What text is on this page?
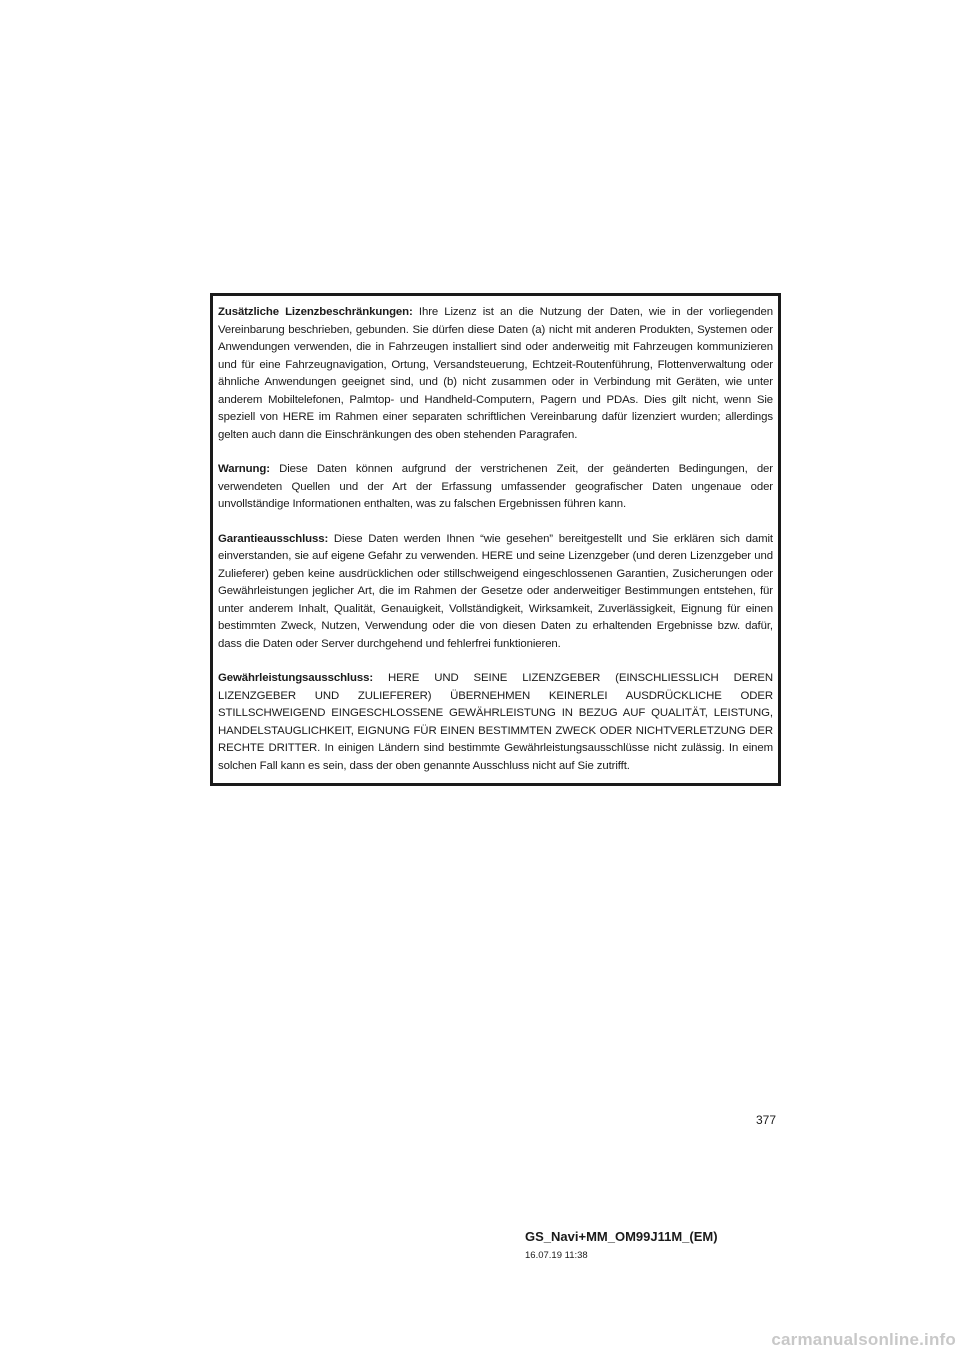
Zusätzliche Lizenzbeschränkungen: Ihre Lizenz ist an die Nutzung der Daten, wie in der vorliegenden Vereinbarung beschrieben, gebunden. Sie dürfen diese Daten (a) nicht mit anderen Produkten, Systemen oder Anwendungen verwenden, die in Fahrzeugen installiert sind oder anderweitig mit Fahrzeugen kommunizieren und für eine Fahrzeugnavigation, Ortung, Versandsteuerung, Echtzeit-Routenführung, Flottenverwaltung oder ähnliche Anwendungen geeignet sind, und (b) nicht zusammen oder in Verbindung mit Geräten, wie unter anderem Mobiltelefonen, Palmtop- und Handheld-Computern, Pagern und PDAs. Dies gilt nicht, wenn Sie speziell von HERE im Rahmen einer separaten schriftlichen Vereinbarung dafür lizenziert wurden; allerdings gelten auch dann die Einschränkungen des oben stehenden Paragrafen.

Warnung: Diese Daten können aufgrund der verstrichenen Zeit, der geänderten Bedingungen, der verwendeten Quellen und der Art der Erfassung umfassender geografischer Daten ungenaue oder unvollständige Informationen enthalten, was zu falschen Ergebnissen führen kann.

Garantieausschluss: Diese Daten werden Ihnen “wie gesehen” bereitgestellt und Sie erklären sich damit einverstanden, sie auf eigene Gefahr zu verwenden. HERE und seine Lizenzgeber (und deren Lizenzgeber und Zulieferer) geben keine ausdrücklichen oder stillschweigend eingeschlossenen Garantien, Zusicherungen oder Gewährleistungen jeglicher Art, die im Rahmen der Gesetze oder anderweitiger Bestimmungen entstehen, für unter anderem Inhalt, Qualität, Genauigkeit, Vollständigkeit, Wirksamkeit, Zuverlässigkeit, Eignung für einen bestimmten Zweck, Nutzen, Verwendung oder die von diesen Daten zu erhaltenden Ergebnisse bzw. dafür, dass die Daten oder Server durchgehend und fehlerfrei funktionieren.

Gewährleistungsausschluss: HERE UND SEINE LIZENZGEBER (EINSCHLIESSLICH DEREN LIZENZGEBER UND ZULIEFERER) ÜBERNEHMEN KEINERLEI AUSDRÜCKLICHE ODER STILLSCHWEIGEND EINGESCHLOSSENE GEWÄHRLEISTUNG IN BEZUG AUF QUALITÄT, LEISTUNG, HANDELSTAUGLICHKEIT, EIGNUNG FÜR EINEN BESTIMMTEN ZWECK ODER NICHTVERLETZUNG DER RECHTE DRITTER. In einigen Ländern sind bestimmte Gewährleistungsausschlüsse nicht zulässig. In einem solchen Fall kann es sein, dass der oben genannte Ausschluss nicht auf Sie zutrifft.

377
GS_Navi+MM_OM99J11M_(EM)
16.07.19 11:38
carmanualsonline.info
